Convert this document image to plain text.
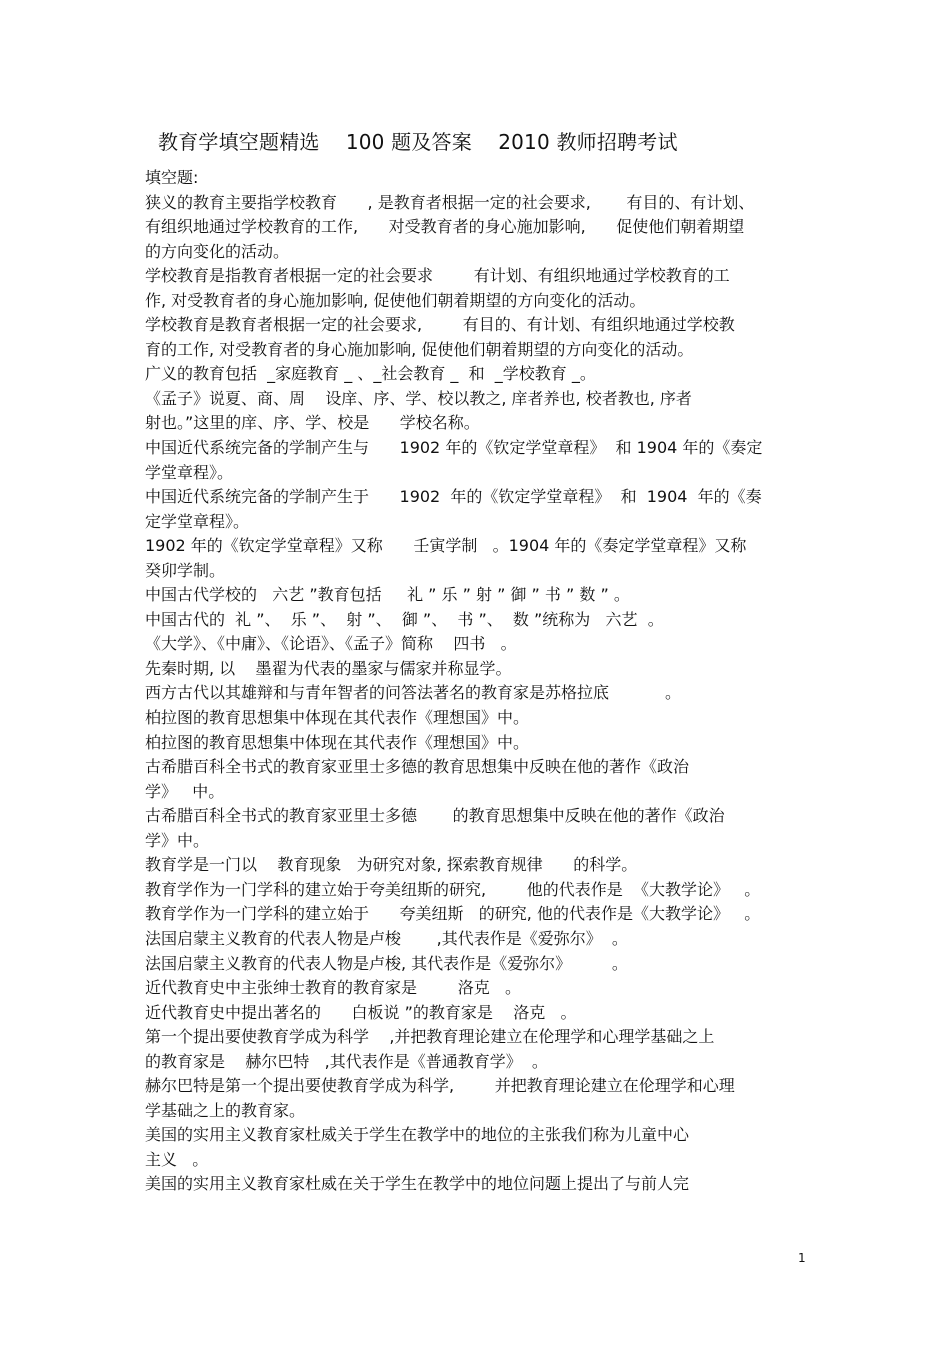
教育学填空题精选    100 题及答案    2010 教师招聘考试
填空题:
狭义的教育主要指学校教育      , 是教育者根据一定的社会要求,       有目的、有计划、
有组织地通过学校教育的工作,      对受教育者的身心施加影响,      促使他们朝着期望
的方向变化的活动。
学校教育是指教育者根据一定的社会要求        有计划、有组织地通过学校教育的工
作, 对受教育者的身心施加影响, 促使他们朝着期望的方向变化的活动。
学校教育是教育者根据一定的社会要求,        有目的、有计划、有组织地通过学校教
育的工作, 对受教育者的身心施加影响, 促使他们朝着期望的方向变化的活动。
广义的教育包括  _家庭教育 _ 、_社会教育 _  和  _学校教育 _。
《孟子》说夏、商、周    设庠、序、学、校以教之, 庠者养也, 校者教也, 序者
射也。”这里的庠、序、学、校是      学校名称。
中国近代系统完备的学制产生与      1902 年的《钦定学堂章程》  和 1904 年的《奏定
学堂章程》。
中国近代系统完备的学制产生于      1902  年的《钦定学堂章程》  和  1904  年的《奏
定学堂章程》。
1902 年的《钦定学堂章程》又称      壬寅学制   。1904 年的《奏定学堂章程》又称
癸卯学制。
中国古代学校的   六艺 ”教育包括     礼 ” 乐 ” 射 ” 御 ” 书 ” 数 ” 。
中国古代的  礼 ”、  乐 ”、  射 ”、  御 ”、  书 ”、  数 ”统称为   六艺  。
《大学》、《中庸》、《论语》、《孟子》简称    四书   。
先秦时期, 以    墨翟为代表的墨家与儒家并称显学。
西方古代以其雄辩和与青年智者的问答法著名的教育家是苏格拉底           。
柏拉图的教育思想集中体现在其代表作《理想国》中。
柏拉图的教育思想集中体现在其代表作《理想国》中。
古希腊百科全书式的教育家亚里士多德的教育思想集中反映在他的著作《政治
学》   中。
古希腊百科全书式的教育家亚里士多德       的教育思想集中反映在他的著作《政治
学》中。
教育学是一门以    教育现象   为研究对象, 探索教育规律      的科学。
教育学作为一门学科的建立始于夸美纽斯的研究,        他的代表作是  《大教学论》   。
教育学作为一门学科的建立始于      夸美纽斯   的研究, 他的代表作是《大教学论》   。
法国启蒙主义教育的代表人物是卢梭       ,其代表作是《爱弥尔》  。
法国启蒙主义教育的代表人物是卢梭, 其代表作是《爱弥尔》        。
近代教育史中主张绅士教育的教育家是        洛克   。
近代教育史中提出著名的      白板说 ”的教育家是    洛克   。
第一个提出要使教育学成为科学    ,并把教育理论建立在伦理学和心理学基础之上
的教育家是    赫尔巴特   ,其代表作是《普通教育学》  。
赫尔巴特是第一个提出要使教育学成为科学,        并把教育理论建立在伦理学和心理
学基础之上的教育家。
美国的实用主义教育家杜威关于学生在教学中的地位的主张我们称为儿童中心
主义   。
美国的实用主义教育家杜威在关于学生在教学中的地位问题上提出了与前人完
1
